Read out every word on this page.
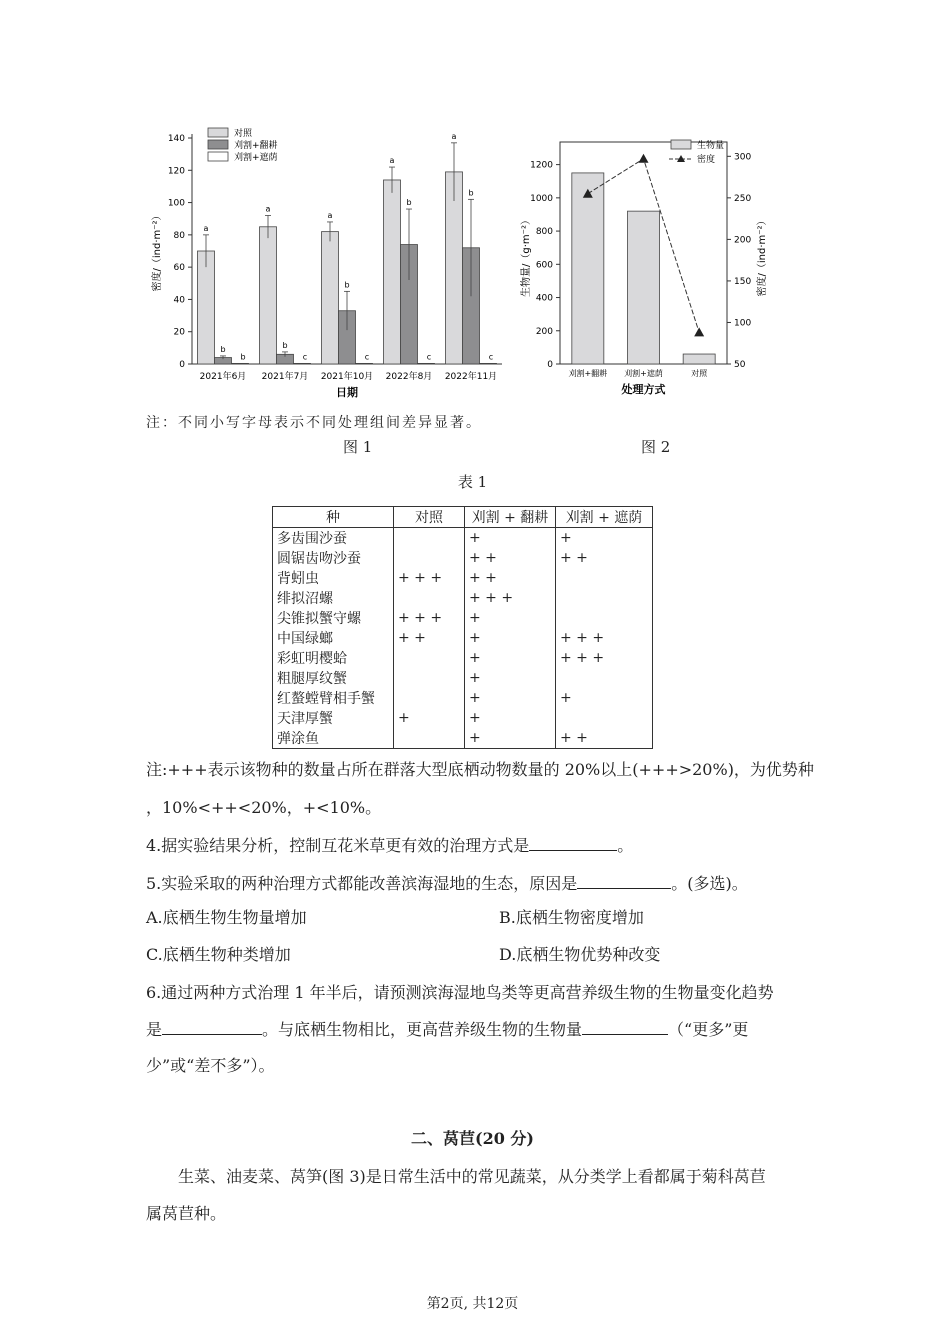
0
20
40
60
80
100
120
140
a
b
b
2021年6月
a
b
c
2021年7月
a
b
c
2021年10月
a
b
c
2022年8月
a
b
c
2022年11月
日期
密度/（ind·m⁻²）
对照
刈割+翻耕
刈割+遮荫
0
200
400
600
800
1000
1200
50
100
150
200
250
300
刈割+翻耕 刈割+遮荫	对照
处理方式
生物量/（g·m⁻²）	密度/（ind·m⁻²）
生物量
密度
注：不同小写字母表示不同处理组间差异显著。
图 1	图 2
表 1
种	对照	刈割 + 翻耕	刈割 + 遮荫
多齿围沙蚕		+	+
圆锯齿吻沙蚕		+ +	+ +
背蚓虫	+ + +	+ +	
绯拟沼螺		+ + +	
尖锥拟蟹守螺	+ + +	+	
中国绿螂	+ +	+	+ + +
彩虹明樱蛤		+	+ + +
粗腿厚纹蟹		+	
红螯螳臂相手蟹		+	+
天津厚蟹	+	+	
弹涂鱼		+	+ +
注:+++表示该物种的数量占所在群落大型底栖动物数量的 20%以上(+++>20%)，为优势种
，10%<++<20%，+<10%。
4.据实验结果分析，控制互花米草更有效的治理方式是	。
5.实验采取的两种治理方式都能改善滨海湿地的生态，原因是	。(多选)。
A.底栖生物生物量增加	B.底栖生物密度增加
C.底栖生物种类增加	D.底栖生物优势种改变
6.通过两种方式治理 1 年半后，请预测滨海湿地鸟类等更高营养级生物的生物量变化趋势
是	。与底栖生物相比，更高营养级生物的生物量	（“更多”更
少”或“差不多”）。
二、莴苣(20 分)
生菜、油麦菜、莴笋(图 3)是日常生活中的常见蔬菜，从分类学上看都属于菊科莴苣
属莴苣种。
第2页, 共12页
